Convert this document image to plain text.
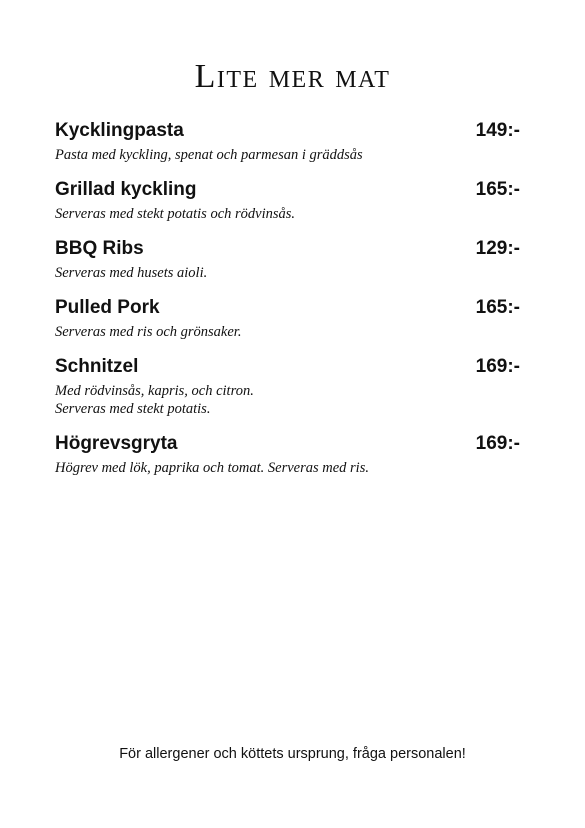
Lite mer mat
Kycklingpasta	149:-
Pasta med kyckling, spenat och parmesan i gräddsås
Grillad kyckling	165:-
Serveras med stekt potatis och rödvinsås.
BBQ Ribs	129:-
Serveras med husets aioli.
Pulled Pork	165:-
Serveras med ris och grönsaker.
Schnitzel	169:-
Med rödvinsås, kapris, och citron.
Serveras med stekt potatis.
Högrevsgryta	169:-
Högrev med lök, paprika och tomat. Serveras med ris.
För allergener och köttets ursprung, fråga personalen!
